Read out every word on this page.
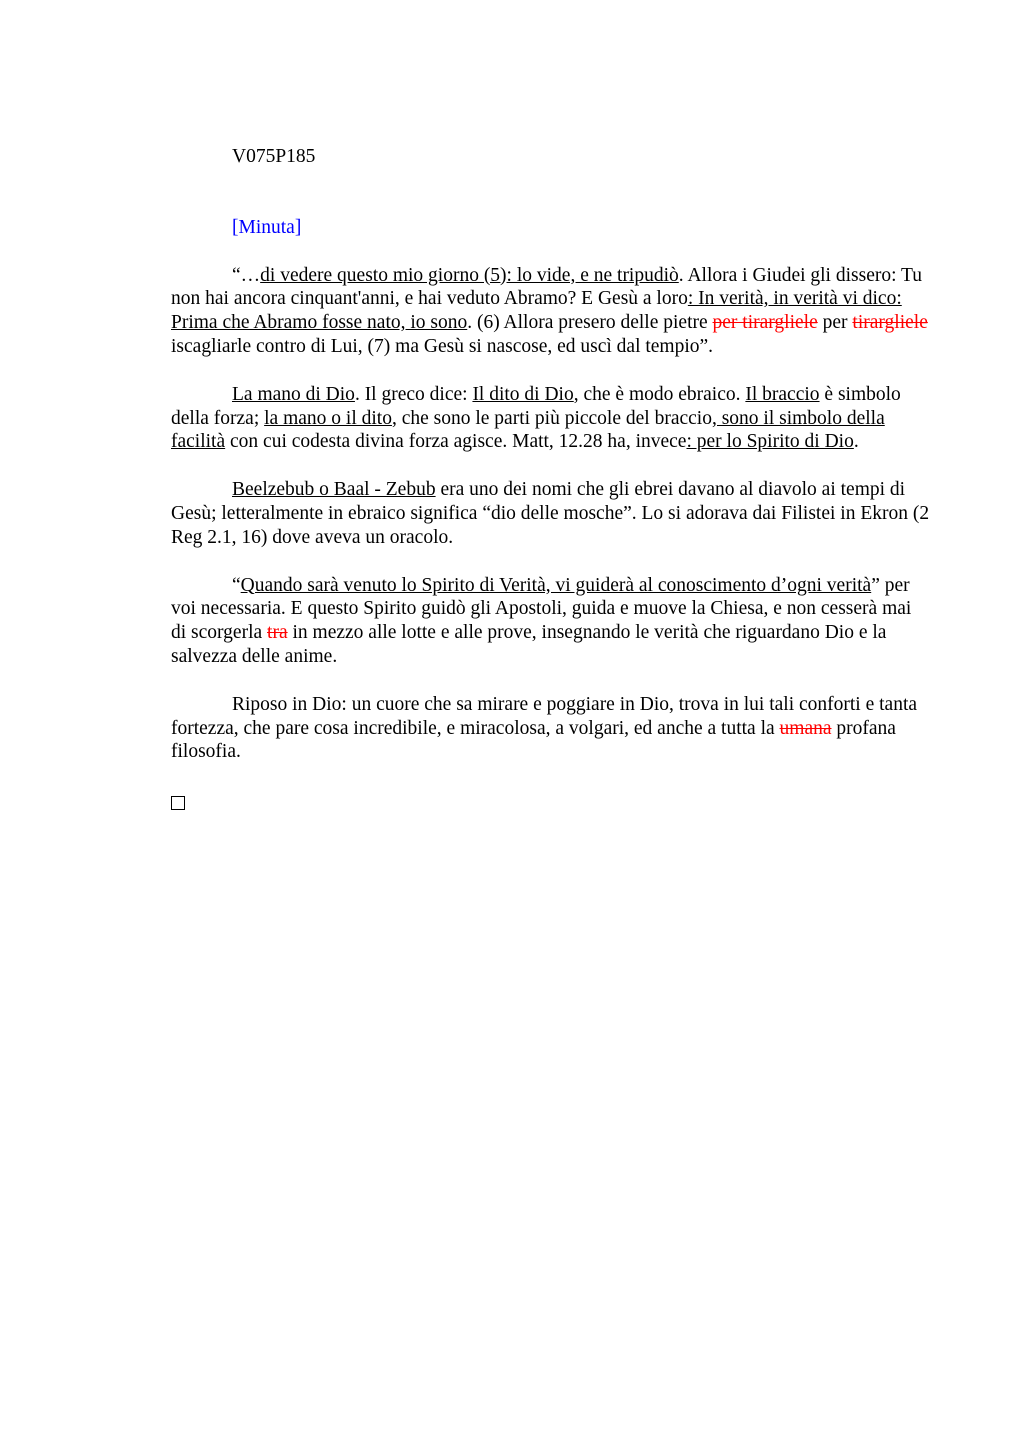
V075P185
[Minuta]

“…di vedere questo mio giorno (5): lo vide, e ne tripudiò. Allora i Giudei gli dissero: Tu non hai ancora cinquant'anni, e hai veduto Abramo? E Gesù a loro: In verità, in verità vi dico: Prima che Abramo fosse nato, io sono. (6) Allora presero delle pietre per tirargliele per tirargliele iscagliarle contro di Lui, (7) ma Gesù si nascose, ed uscì dal tempio”.

La mano di Dio. Il greco dice: Il dito di Dio, che è modo ebraico. Il braccio è simbolo della forza; la mano o il dito, che sono le parti più piccole del braccio, sono il simbolo della facilità con cui codesta divina forza agisce. Matt, 12.28 ha, invece: per lo Spirito di Dio.

Beelzebub o Baal - Zebub era uno dei nomi che gli ebrei davano al diavolo ai tempi di Gesù; letteralmente in ebraico significa “dio delle mosche”. Lo si adorava dai Filistei in Ekron (2 Reg 2.1, 16) dove aveva un oracolo.

“Quando sarà venuto lo Spirito di Verità, vi guiderà al conoscimento d’ogni verità” per voi necessaria. E questo Spirito guidò gli Apostoli, guida e muove la Chiesa, e non cesserà mai di scorgerla tra in mezzo alle lotte e alle prove, insegnando le verità che riguardano Dio e la salvezza delle anime.

Riposo in Dio: un cuore che sa mirare e poggiare in Dio, trova in lui tali conforti e tanta fortezza, che pare cosa incredibile, e miracolosa, a volgari, ed anche a tutta la umana profana filosofia.
